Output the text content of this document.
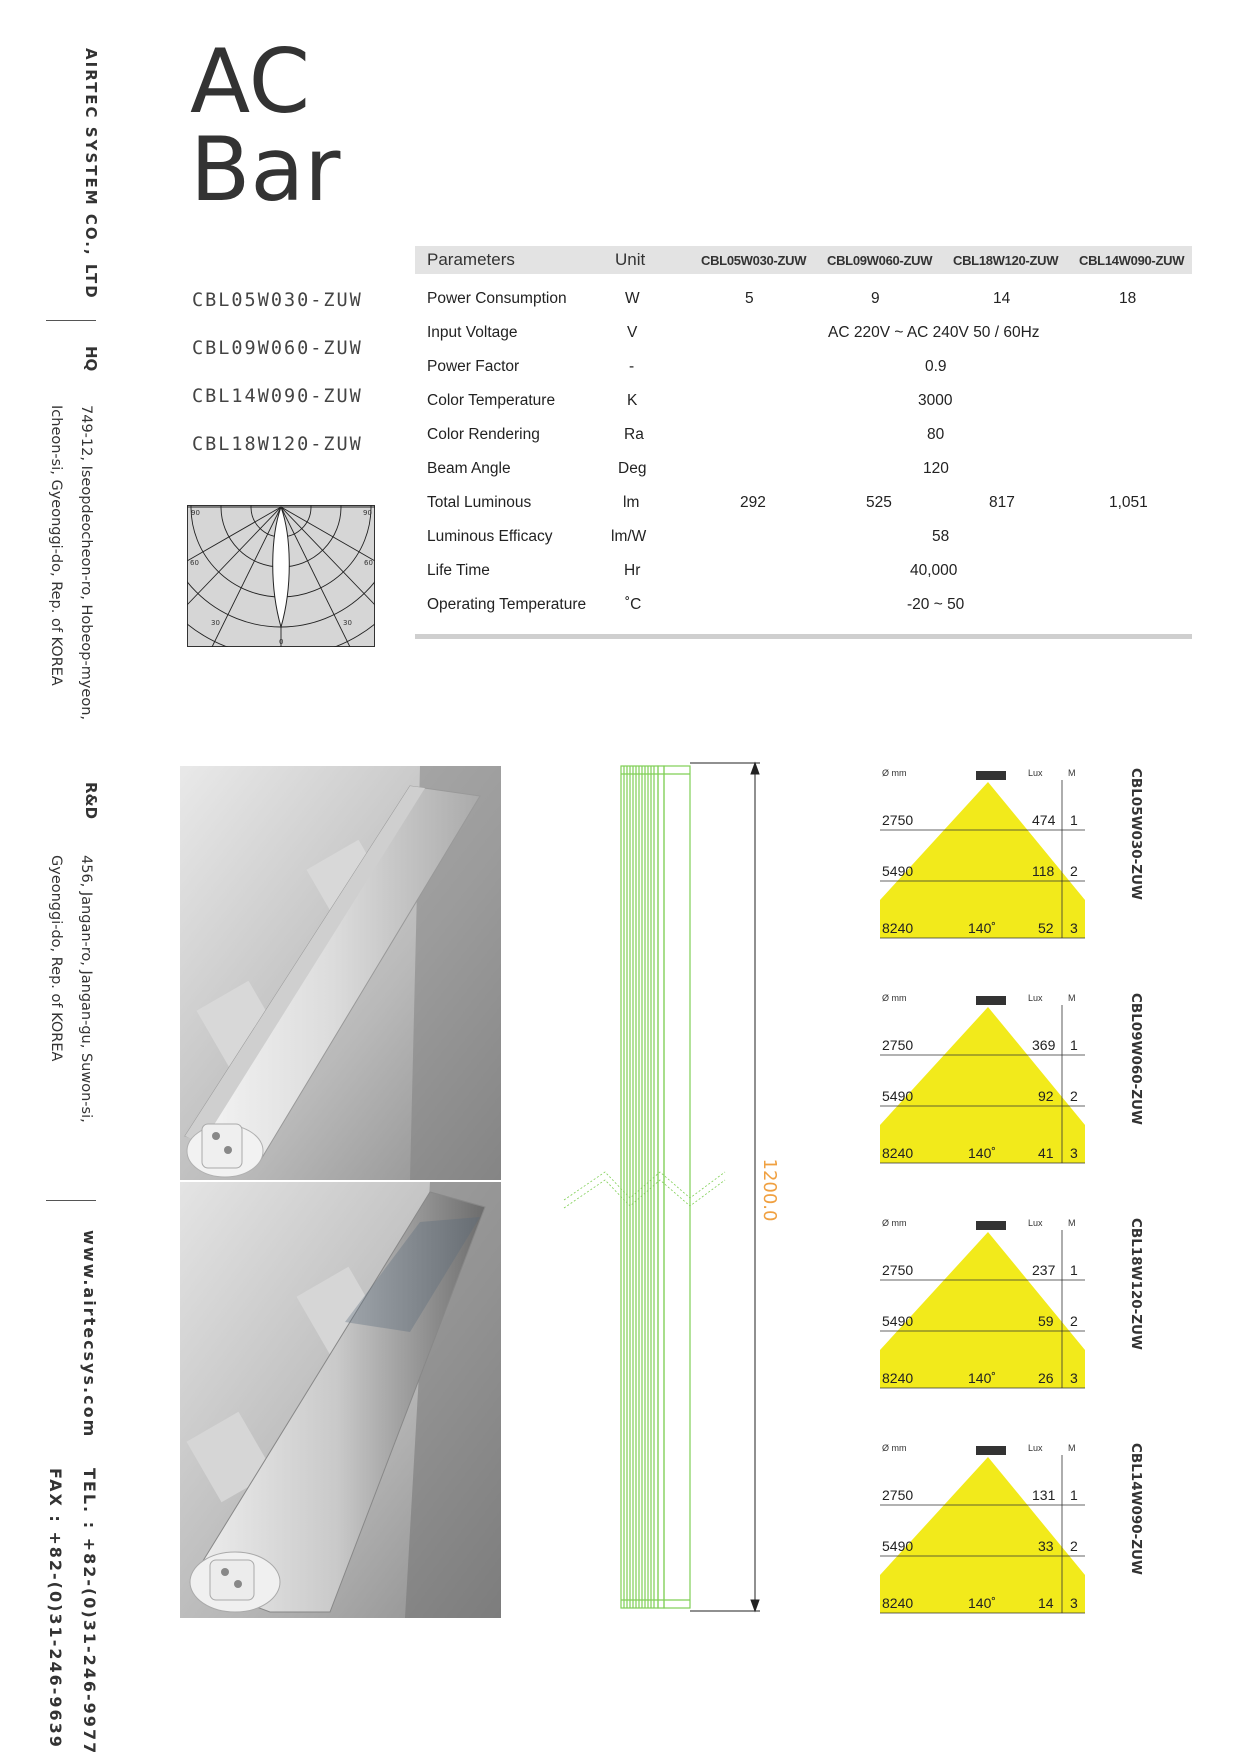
AIRTEC SYSTEM CO., LTD
HQ
749-12, Iseopdeocheon-ro, Hobeop-myeon,
Icheon-si, Gyeonggi-do, Rep. of KOREA
R&D
456, Jangan-ro, Jangan-gu, Suwon-si,
Gyeonggi-do, Rep. of KOREA
www.airtecsys.com
TEL. : +82-(0)31-246-9977
FAX : +82-(0)31-246-9639
AC
Bar
CBL05W030-ZUW
CBL09W060-ZUW
CBL14W090-ZUW
CBL18W120-ZUW
90	90
60	60
30
0
30
Parameters	Unit	CBL05W030-ZUW CBL09W060-ZUW CBL18W120-ZUW CBL14W090-ZUW
Power Consumption	W	5	9	14	18
Input Voltage	V	AC 220V ~ AC 240V 50 / 60Hz
Power Factor	-	0.9
Color Temperature	K	3000
Color Rendering	Ra	80
Beam Angle	Deg	120
Total Luminous	lm	292	525	817	1,051
Luminous Efficacy	lm/W	58
Life Time	Hr	40,000
Operating Temperature	˚C	-20 ~ 50
1200.0
Ø mm	Lux	M
2750
5490
8240
474
118
52
140˚
1
2
3
CBL05W030-ZUW
Ø mm	Lux	M
2750
5490
8240
369
92
41
140˚
1
2
3
CBL09W060-ZUW
Ø mm	Lux	M
2750
5490
8240
237
59
26
140˚
1
2
3
CBL18W120-ZUW
Ø mm	Lux	M
2750
5490
8240
131
33
14
140˚
1
2
3
CBL14W090-ZUW
